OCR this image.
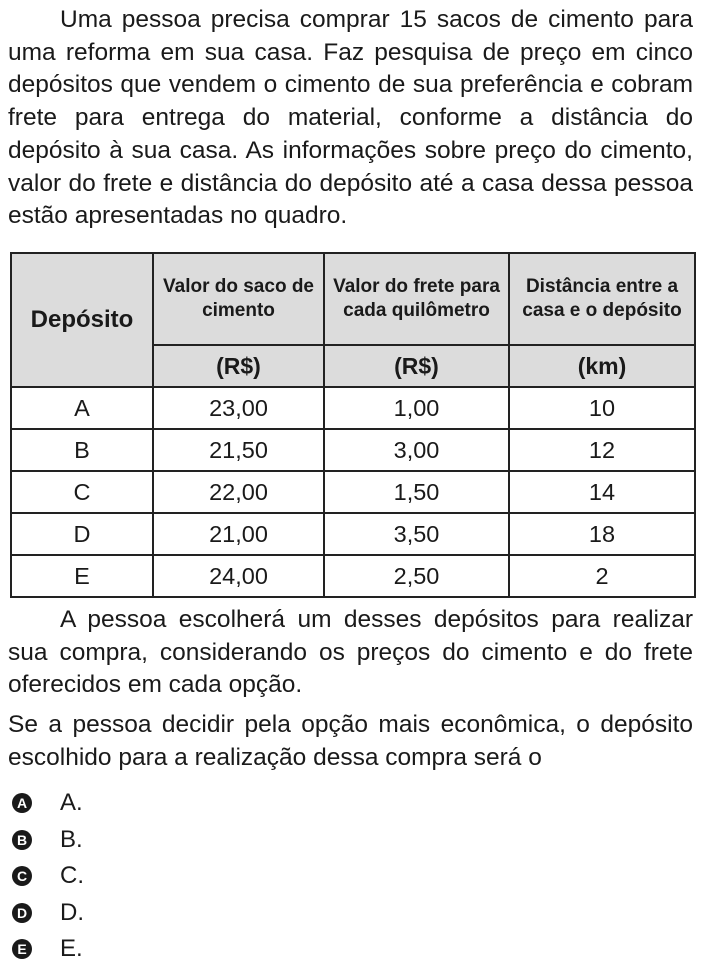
Uma pessoa precisa comprar 15 sacos de cimento para uma reforma em sua casa. Faz pesquisa de preço em cinco depósitos que vendem o cimento de sua preferência e cobram frete para entrega do material, conforme a distância do depósito à sua casa. As informações sobre preço do cimento, valor do frete e distância do depósito até a casa dessa pessoa estão apresentadas no quadro.

Depósito	Valor do saco de cimento	Valor do frete para cada quilômetro	Distância entre a casa e o depósito
	(R$)	(R$)	(km)
A	23,00	1,00	10
B	21,50	3,00	12
C	22,00	1,50	14
D	21,00	3,50	18
E	24,00	2,50	2

A pessoa escolherá um desses depósitos para realizar sua compra, considerando os preços do cimento e do frete oferecidos em cada opção.

Se a pessoa decidir pela opção mais econômica, o depósito escolhido para a realização dessa compra será o

A A.
B B.
C C.
D D.
E E.
